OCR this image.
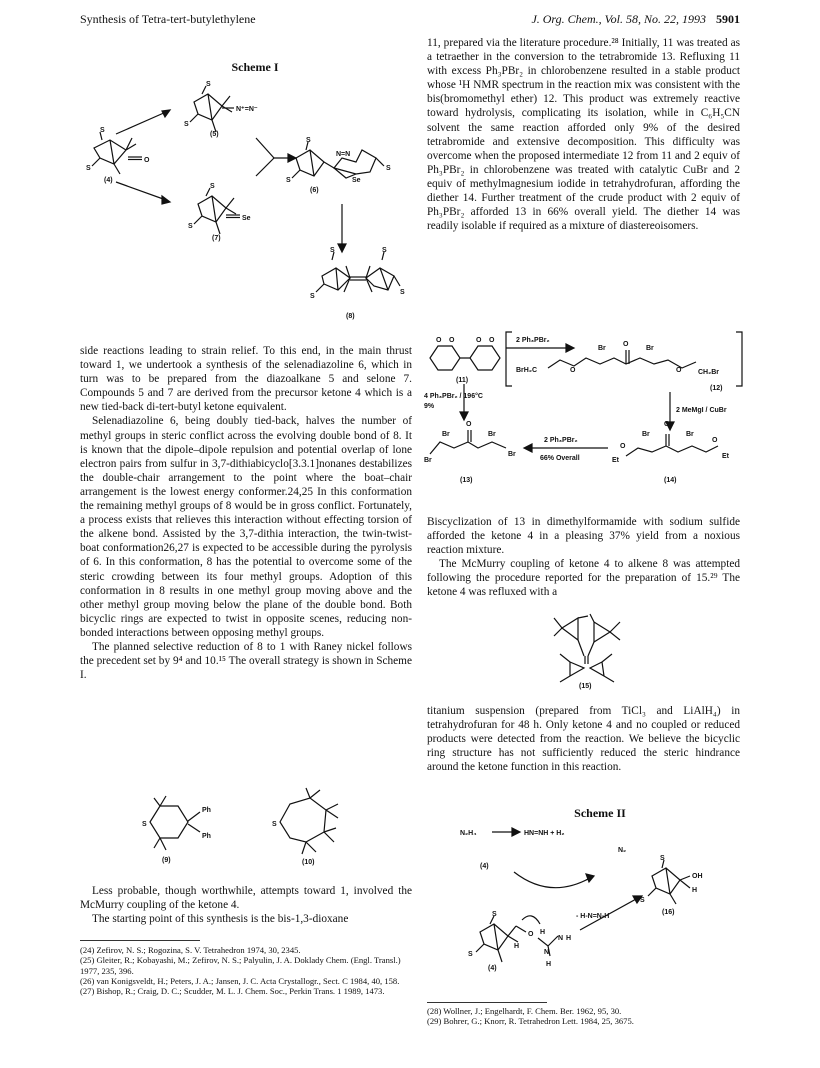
Synthesis of Tetra-tert-butylethylene	J. Org. Chem., Vol. 58, No. 22, 1993 5901
Scheme I
S
S
O
(4)
S
S
N⁺=N⁻
(5)
S
S
Se
(7)
S
S
N=N
Se
S
(6)
S	S
S
S
(8)

side reactions leading to strain relief. To this end, in the main thrust toward 1, we undertook a synthesis of the selenadiazoline 6, which in turn was to be prepared from the diazoalkane 5 and selone 7. Compounds 5 and 7 are derived from the precursor ketone 4 which is a new tied-back di-tert-butyl ketone equivalent.

Selenadiazoline 6, being doubly tied-back, halves the number of methyl groups in steric conflict across the evolving double bond of 8. It is known that the dipole–dipole repulsion and potential overlap of lone electron pairs from sulfur in 3,7-dithiabicyclo[3.3.1]nonanes destabilizes the double-chair arrangement to the point where the boat–chair arrangement is the lowest energy conformer.24,25 In this conformation the remaining methyl groups of 8 would be in gross conflict. Fortunately, a process exists that relieves this interaction without effecting torsion of the alkene bond. Assisted by the 3,7-dithia interaction, the twin-twist-boat conformation26,27 is expected to be accessible during the pyrolysis of 6. In this conformation, 8 has the potential to overcome some of the steric crowding between its four methyl groups. Adoption of this conformation in 8 results in one methyl group moving above and the other methyl group moving below the plane of the double bond. Both bicyclic rings are expected to twist in opposite scenes, reducing non-bonded interactions between opposing methyl groups.

The planned selective reduction of 8 to 1 with Raney nickel follows the precedent set by 9⁴ and 10.¹⁵ The overall strategy is shown in Scheme I.

S
Ph
Ph
(9)
S
(10)

Less probable, though worthwhile, attempts toward 1, involved the McMurry coupling of the ketone 4.

The starting point of this synthesis is the bis-1,3-dioxane

(24) Zefirov, N. S.; Rogozina, S. V. Tetrahedron 1974, 30, 2345.

(25) Gleiter, R.; Kobayashi, M.; Zefirov, N. S.; Palyulin, J. A. Doklady Chem. (Engl. Transl.) 1977, 235, 396.

(26) van Konigsveldt, H.; Peters, J. A.; Jansen, J. C. Acta Crystallogr., Sect. C 1984, 40, 158.

(27) Bishop, R.; Craig, D. C.; Scudder, M. L. J. Chem. Soc., Perkin Trans. 1 1989, 1473.

11, prepared via the literature procedure.²⁸ Initially, 11 was treated as a tetraether in the conversion to the tetrabromide 13. Refluxing 11 with excess Ph₃PBr₂ in chlorobenzene resulted in a stable product whose ¹H NMR spectrum in the reaction mix was consistent with the bis(bromomethyl ether) 12. This product was extremely reactive toward hydrolysis, complicating its isolation, while in C₆H₅CN solvent the same reaction afforded only 9% of the desired tetrabromide and extensive decomposition. This difficulty was overcome when the proposed intermediate 12 from 11 and 2 equiv of Ph₃PBr₂ in chlorobenzene was treated with catalytic CuBr and 2 equiv of methylmagnesium iodide in tetrahydrofuran, affording the diether 14. Further treatment of the crude product with 2 equiv of Ph₃PBr₂ afforded 13 in 66% overall yield. The diether 14 was readily isolable if required as a mixture of diastereoisomers.

O O	O O
(11)
2 Ph₃PBr₂
Br
O
Br
BrH₂C	O	O CH₂Br
(12)
4 Ph₃PBr₂ / 196°C
9%
2 MeMgI / CuBr
Br
Br
O
Br
Br
(13)
2 Ph₃PBr₂
66% Overall
Br
O
Br
Et
O
O
Et
(14)

Biscyclization of 13 in dimethylformamide with sodium sulfide afforded the ketone 4 in a pleasing 37% yield from a noxious reaction mixture.

The McMurry coupling of ketone 4 to alkene 8 was attempted following the procedure reported for the preparation of 15.²⁹ The ketone 4 was refluxed with a

(15)

titanium suspension (prepared from TiCl₃ and LiAlH₄) in tetrahydrofuran for 48 h. Only ketone 4 and no coupled or reduced products were detected from the reaction. We believe the bicyclic ring structure has not sufficiently reduced the steric hindrance around the ketone function in this reaction.

Scheme II
N₂H₄	HN=NH + H₂
N₂
(4)
S
S
O H
H
N
N H
H
(4)
- H-N=N-H
S
S
OH
H
(16)

(28) Wollner, J.; Engelhardt, F. Chem. Ber. 1962, 95, 30.

(29) Bohrer, G.; Knorr, R. Tetrahedron Lett. 1984, 25, 3675.
